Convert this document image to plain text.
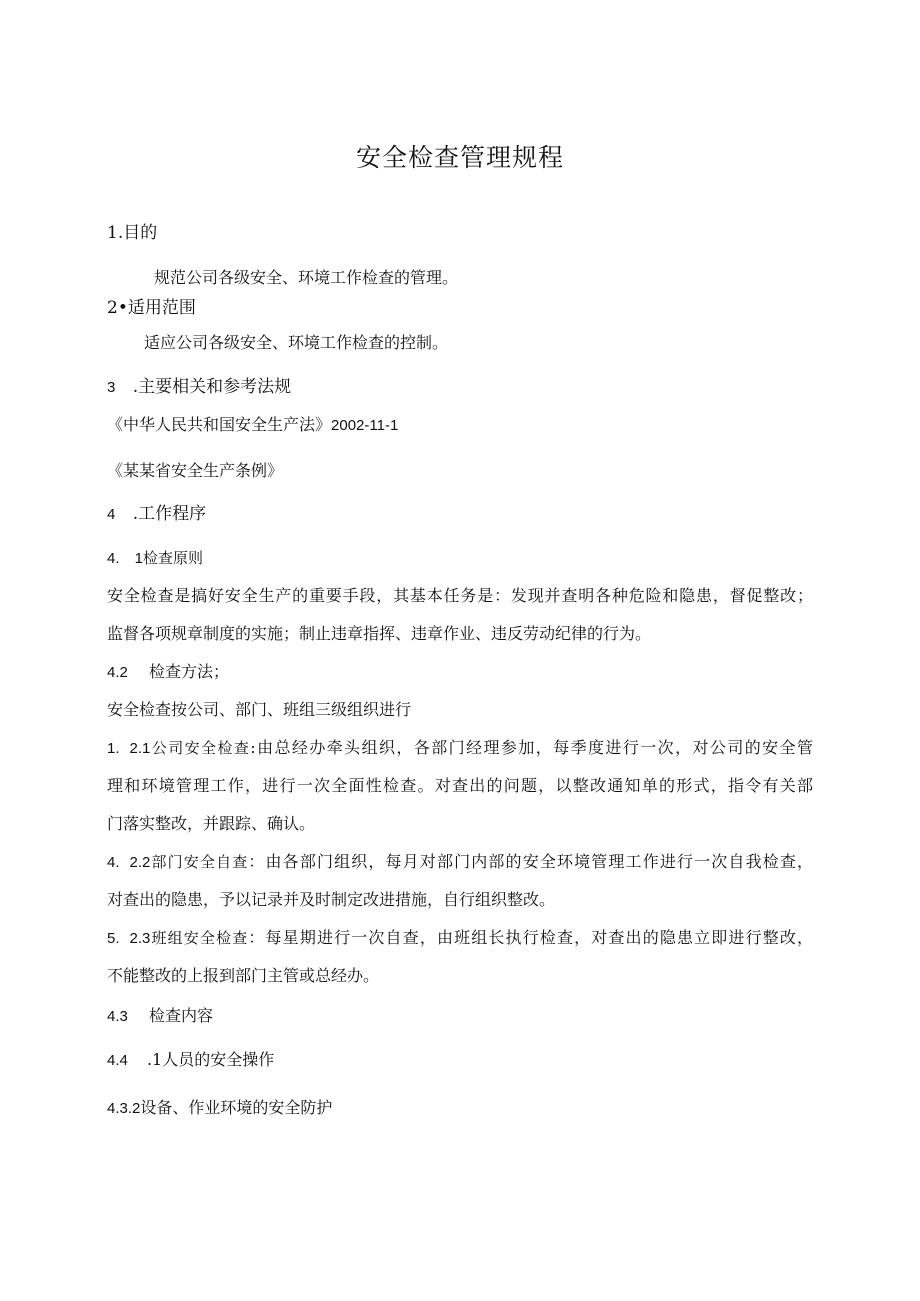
安全检查管理规程
1.目的
规范公司各级安全、环境工作检查的管理。
2•适用范围
适应公司各级安全、环境工作检查的控制。
3 .主要相关和参考法规
《中华人民共和国安全生产法》2002-11-1
《某某省安全生产条例》
4 .工作程序
4. 1检查原则
安全检查是搞好安全生产的重要手段，其基本任务是：发现并查明各种危险和隐患，督促整改；
监督各项规章制度的实施；制止违章指挥、违章作业、违反劳动纪律的行为。
4.2 检查方法；
安全检查按公司、部门、班组三级组织进行
1. 2.1公司安全检查:由总经办牵头组织，各部门经理参加，每季度进行一次，对公司的安全管
理和环境管理工作，进行一次全面性检查。对查出的问题，以整改通知单的形式，指令有关部
门落实整改，并跟踪、确认。
4. 2.2部门安全自查：由各部门组织，每月对部门内部的安全环境管理工作进行一次自我检查，
对查出的隐患，予以记录并及时制定改进措施，自行组织整改。
5. 2.3班组安全检查：每星期进行一次自查，由班组长执行检查，对查出的隐患立即进行整改，
不能整改的上报到部门主管或总经办。
4.3 检查内容
4.4 .1人员的安全操作
4.3.2设备、作业环境的安全防护
